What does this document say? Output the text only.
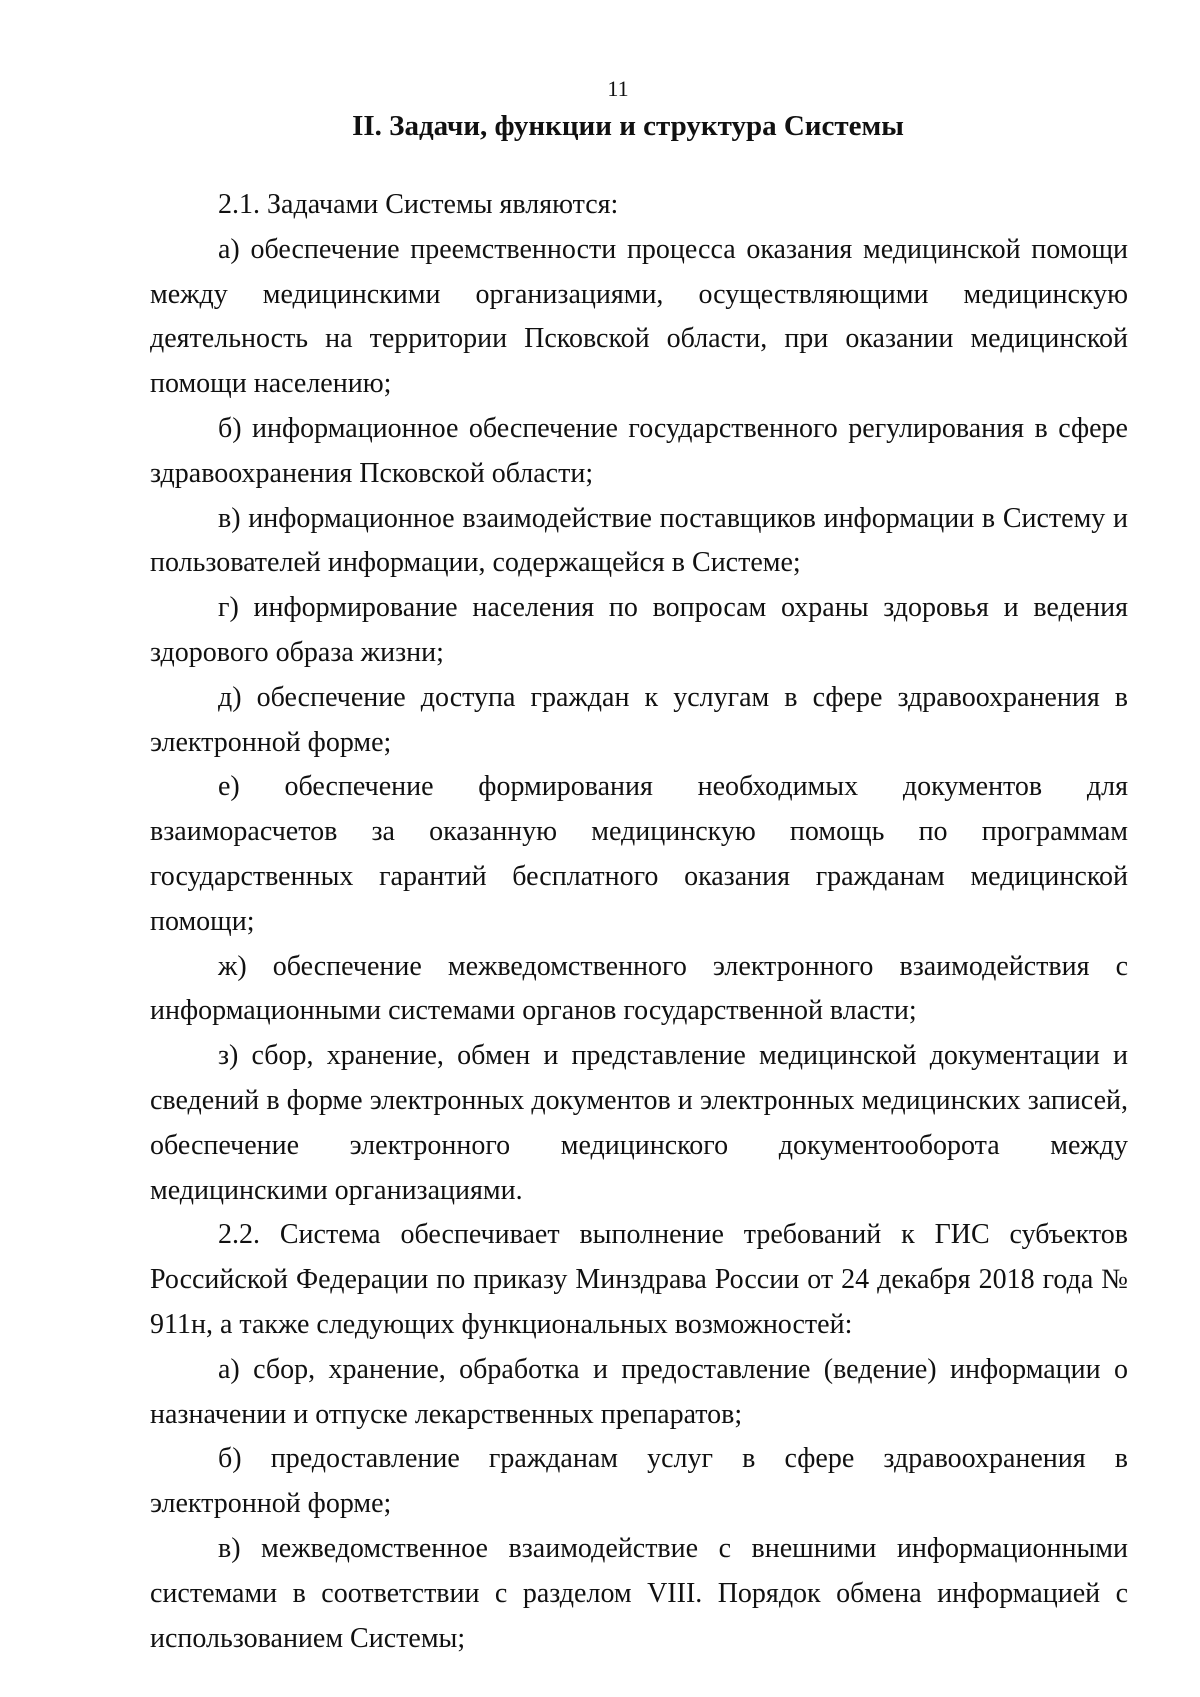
11
II. Задачи, функции и структура Системы

2.1. Задачами Системы являются:

а) обеспечение преемственности процесса оказания медицинской помощи между медицинскими организациями, осуществляющими медицинскую деятельность на территории Псковской области, при оказании медицинской помощи населению;

б) информационное обеспечение государственного регулирования в сфере здравоохранения Псковской области;

в) информационное взаимодействие поставщиков информации в Систему и пользователей информации, содержащейся в Системе;

г) информирование населения по вопросам охраны здоровья и ведения здорового образа жизни;

д) обеспечение доступа граждан к услугам в сфере здравоохранения в электронной форме;

е) обеспечение формирования необходимых документов для взаиморасчетов за оказанную медицинскую помощь по программам государственных гарантий бесплатного оказания гражданам медицинской помощи;

ж) обеспечение межведомственного электронного взаимодействия с информационными системами органов государственной власти;

з) сбор, хранение, обмен и представление медицинской документации и сведений в форме электронных документов и электронных медицинских записей, обеспечение электронного медицинского документооборота между медицинскими организациями.

2.2. Система обеспечивает выполнение требований к ГИС субъектов Российской Федерации по приказу Минздрава России от 24 декабря 2018 года № 911н, а также следующих функциональных возможностей:

а) сбор, хранение, обработка и предоставление (ведение) информации о назначении и отпуске лекарственных препаратов;

б) предоставление гражданам услуг в сфере здравоохранения в электронной форме;

в) межведомственное взаимодействие с внешними информационными системами в соответствии с разделом VIII. Порядок обмена информацией с использованием Системы;
